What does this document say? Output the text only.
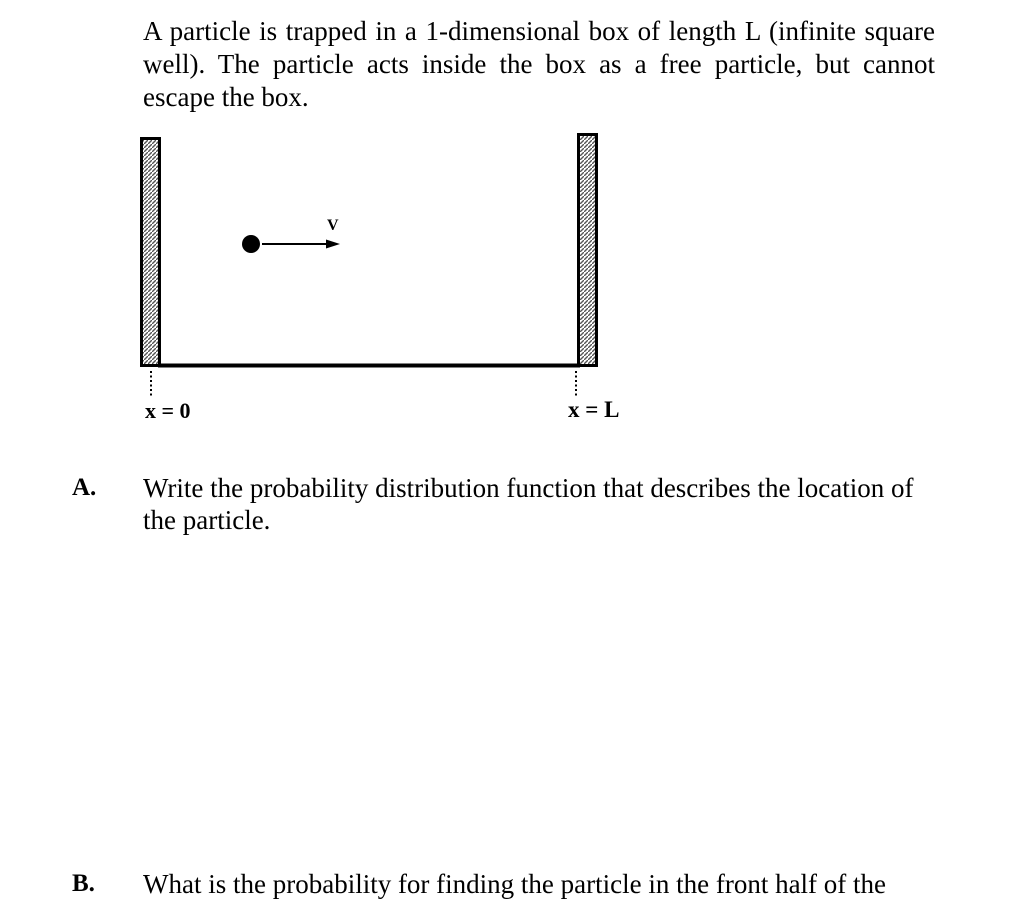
A particle is trapped in a 1-dimensional box of length L (infinite square well). The particle acts inside the box as a free particle, but cannot escape the box.

V
x = 0	x = L
A. Write the probability distribution function that describes the location of the particle.

B. What is the probability for finding the particle in the front half of the
